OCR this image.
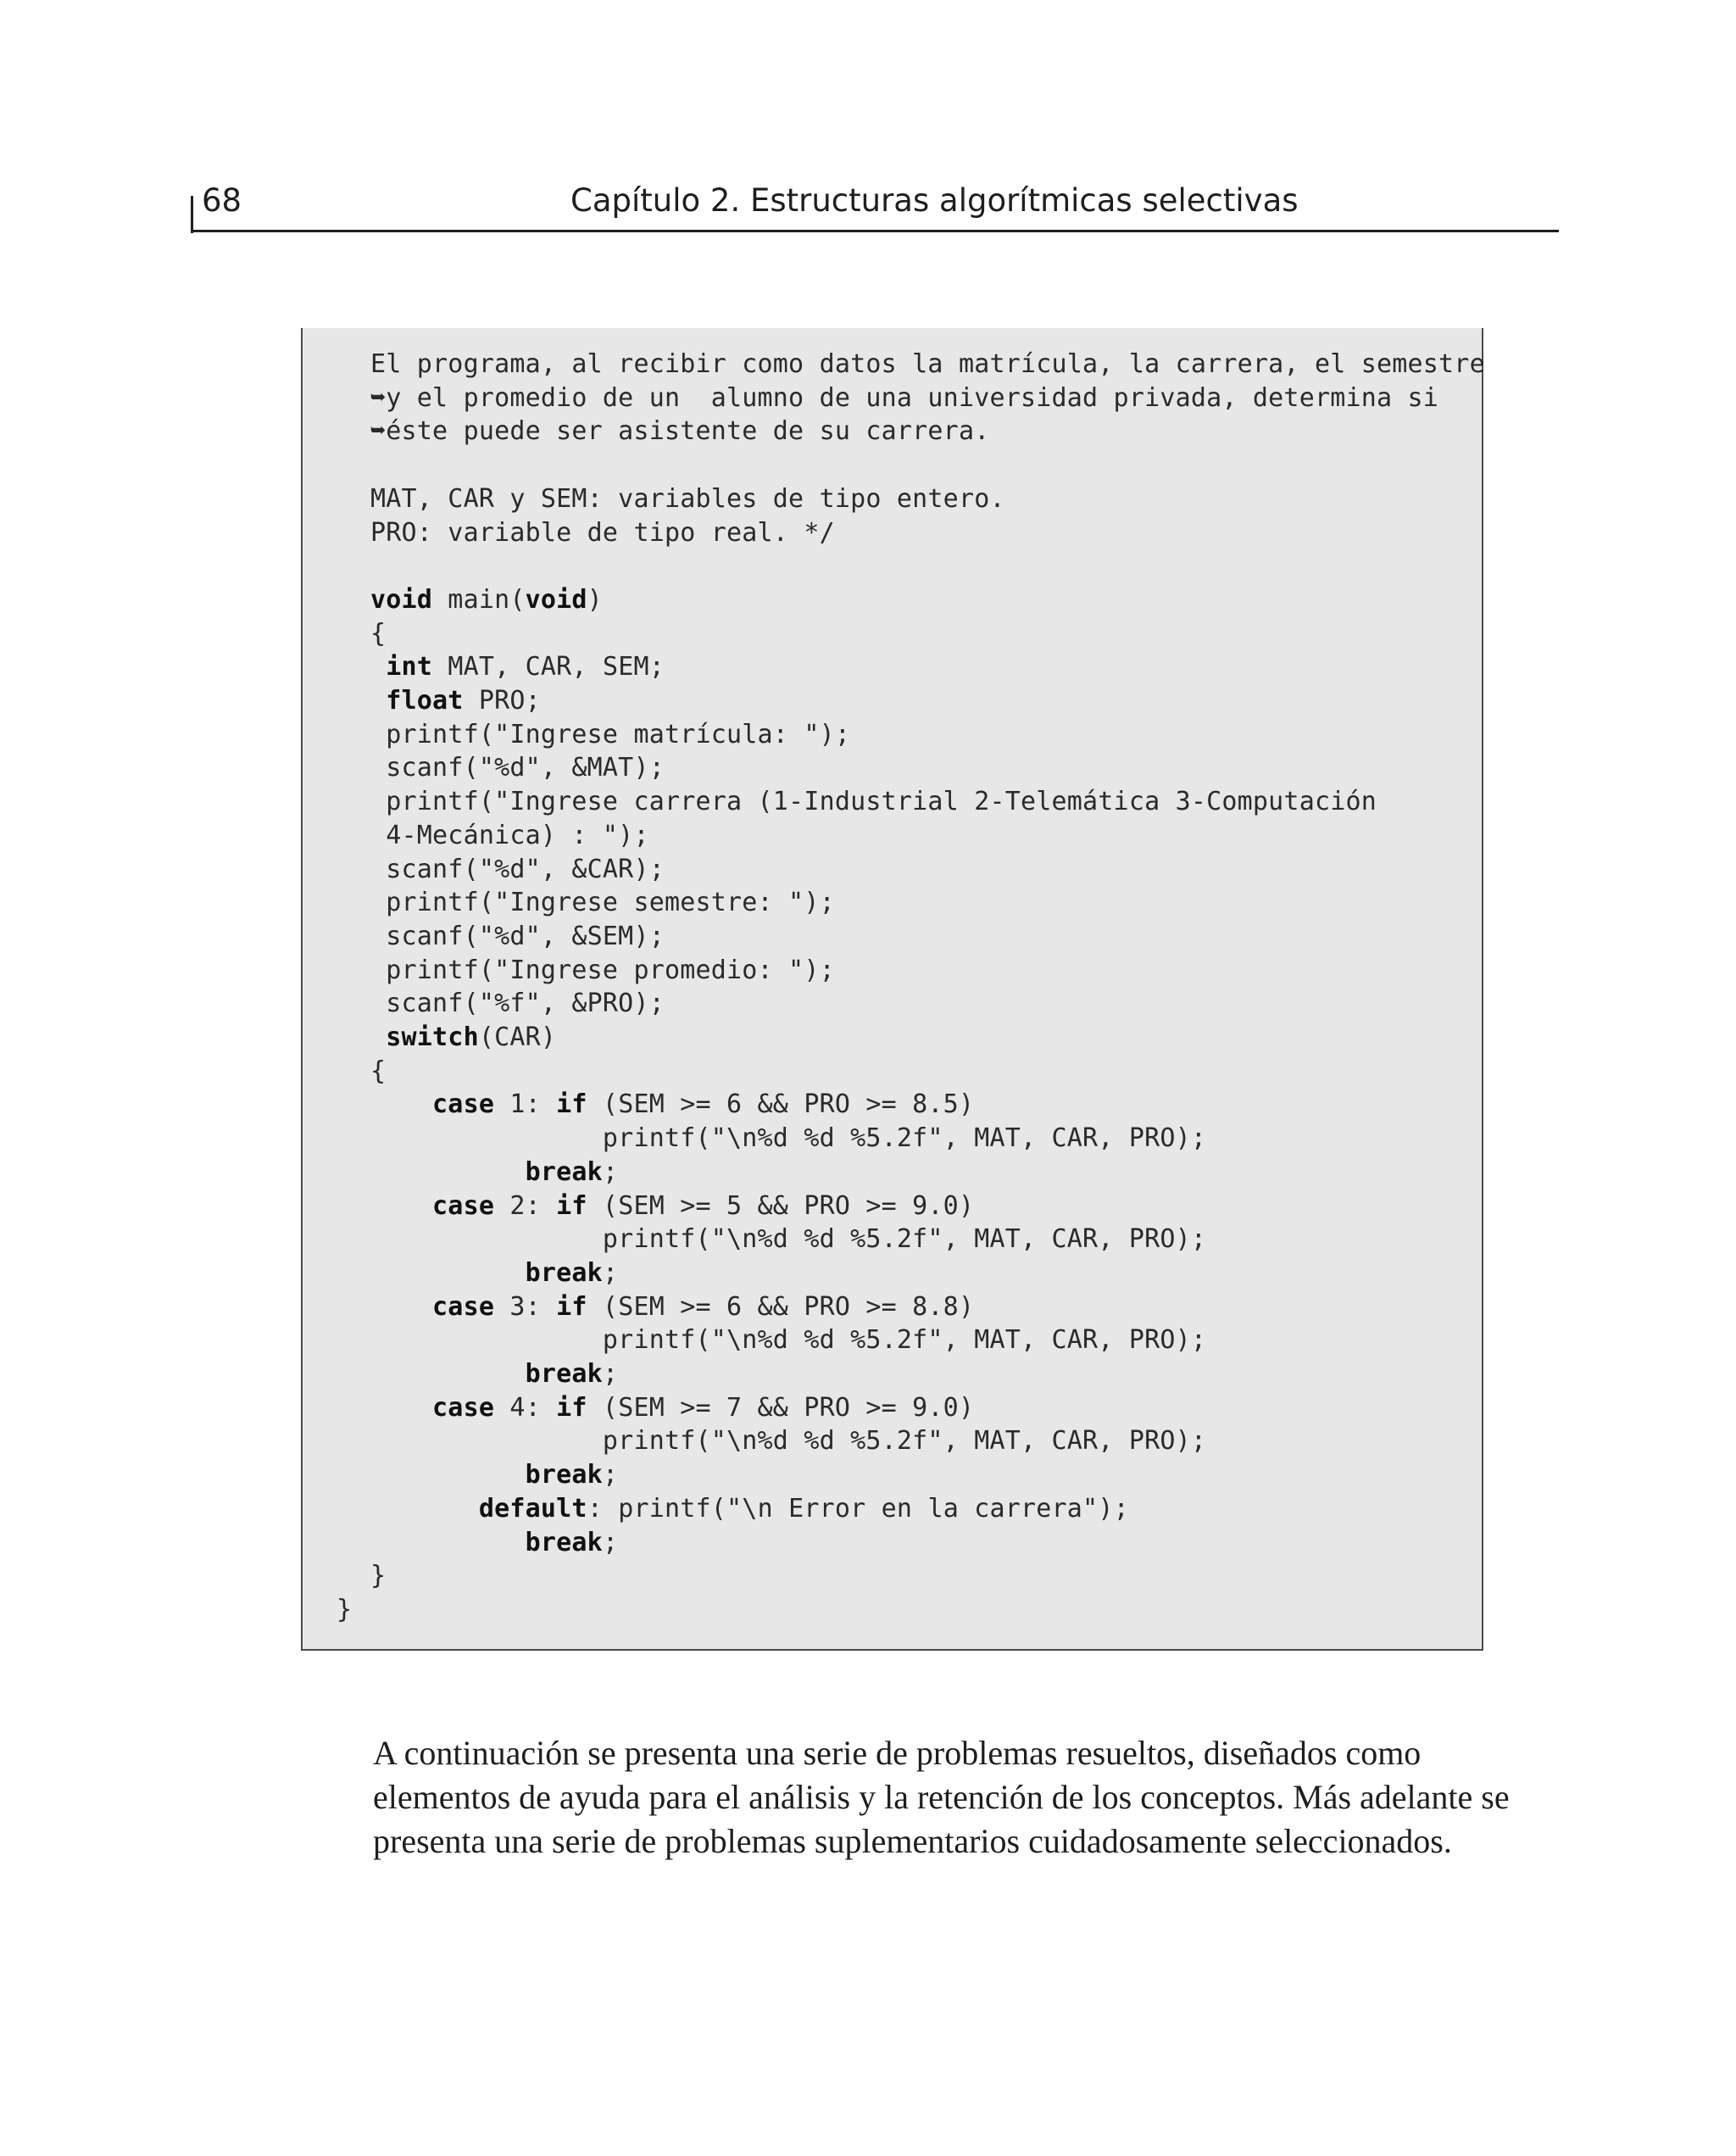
68	Capítulo 2. Estructuras algorítmicas selectivas
El programa, al recibir como datos la matrícula, la carrera, el semestre
➥y el promedio de un  alumno de una universidad privada, determina si
➥éste puede ser asistente de su carrera.
MAT, CAR y SEM: variables de tipo entero.
PRO: variable de tipo real. */
void main(void)
{
int MAT, CAR, SEM;
float PRO;
printf("Ingrese matrícula: ");
scanf("%d", &MAT);
printf("Ingrese carrera (1-Industrial 2-Telemática 3-Computación
4-Mecánica) : ");
scanf("%d", &CAR);
printf("Ingrese semestre: ");
scanf("%d", &SEM);
printf("Ingrese promedio: ");
scanf("%f", &PRO);
switch(CAR)
{
case 1: if (SEM >= 6 && PRO >= 8.5)
printf("\n%d %d %5.2f", MAT, CAR, PRO);
break;
case 2: if (SEM >= 5 && PRO >= 9.0)
printf("\n%d %d %5.2f", MAT, CAR, PRO);
break;
case 3: if (SEM >= 6 && PRO >= 8.8)
printf("\n%d %d %5.2f", MAT, CAR, PRO);
break;
case 4: if (SEM >= 7 && PRO >= 9.0)
printf("\n%d %d %5.2f", MAT, CAR, PRO);
break;
default: printf("\n Error en la carrera");
break;
}
}

A continuación se presenta una serie de problemas resueltos, diseñados como elementos de ayuda para el análisis y la retención de los conceptos. Más adelante se presenta una serie de problemas suplementarios cuidadosamente seleccionados.
